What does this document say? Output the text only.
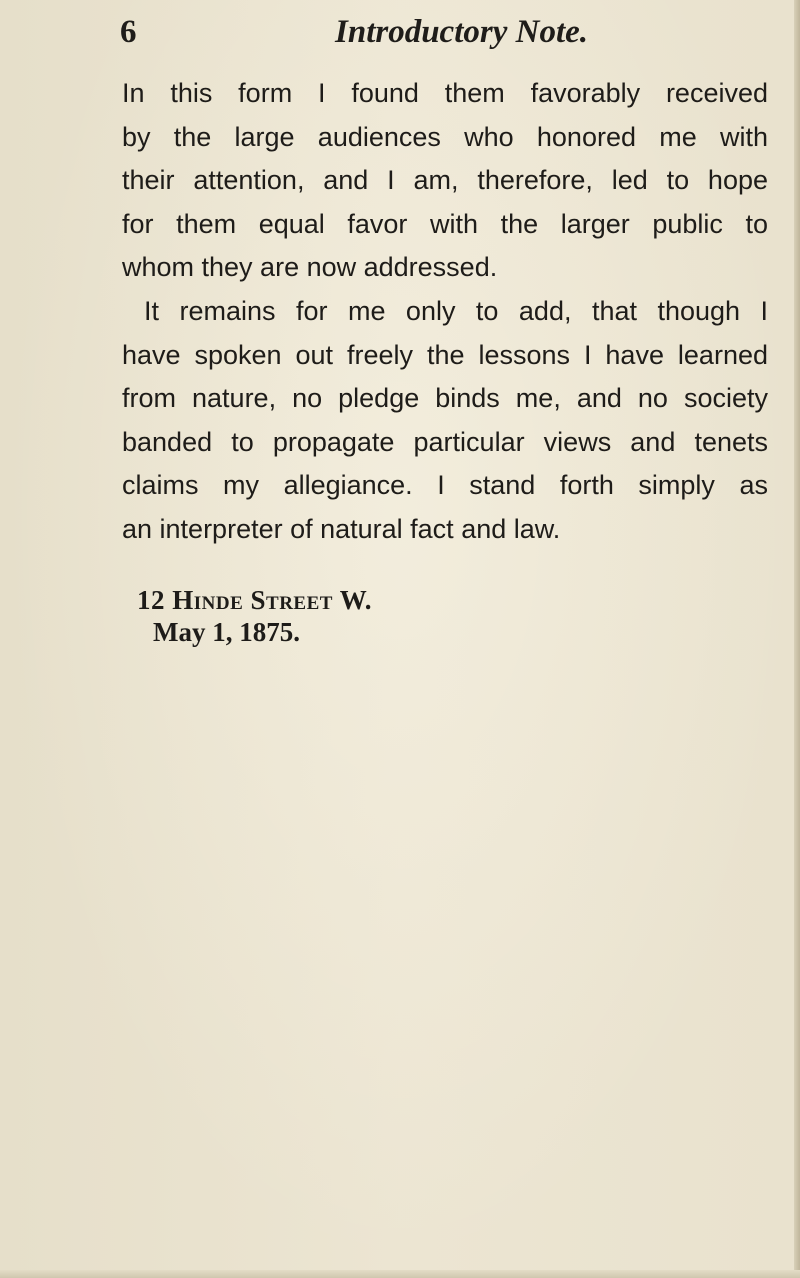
6	Introductory Note.
In this form I found them favorably received
by the large audiences who honored me with
their attention, and I am, therefore, led to hope
for them equal favor with the larger public to
whom they are now addressed.
It remains for me only to add, that though I
have spoken out freely the lessons I have learned
from nature, no pledge binds me, and no society
banded to propagate particular views and tenets
claims my allegiance. I stand forth simply as
an interpreter of natural fact and law.
12 Hinde Street W.
May 1, 1875.
